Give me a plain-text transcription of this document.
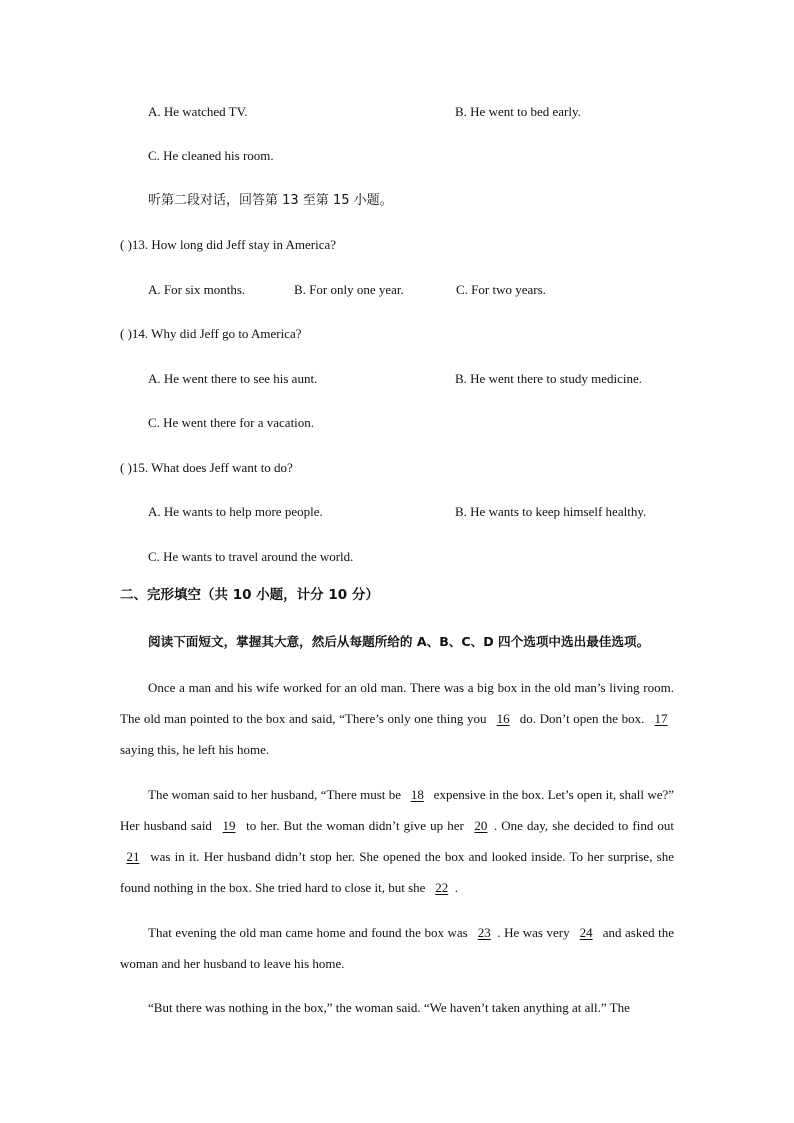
A. He watched TV.	B. He went to bed early.
C. He cleaned his room.
听第二段对话，回答第 13 至第 15 小题。
( )13. How long did Jeff stay in America?
A. For six months.	B. For only one year.	C. For two years.
( )14. Why did Jeff go to America?
A. He went there to see his aunt.	B. He went there to study medicine.
C. He went there for a vacation.
( )15. What does Jeff want to do?
A. He wants to help more people.	B. He wants to keep himself healthy.
C. He wants to travel around the world.
二、完形填空（共 10 小题，计分 10 分）
阅读下面短文，掌握其大意，然后从每题所给的 A、B、C、D 四个选项中选出最佳选项。
Once a man and his wife worked for an old man. There was a big box in the old man’s living room. The old man pointed to the box and said, “There’s only one thing you 16 do. Don’t open the box. 17 saying this, he left his home.
The woman said to her husband, “There must be 18 expensive in the box. Let’s open it, shall we?” Her husband said 19 to her. But the woman didn’t give up her 20 . One day, she decided to find out 21 was in it. Her husband didn’t stop her. She opened the box and looked inside. To her surprise, she found nothing in the box. She tried hard to close it, but she 22 .
That evening the old man came home and found the box was 23 . He was very 24 and asked the woman and her husband to leave his home.
“But there was nothing in the box,” the woman said. “We haven’t taken anything at all.” The
